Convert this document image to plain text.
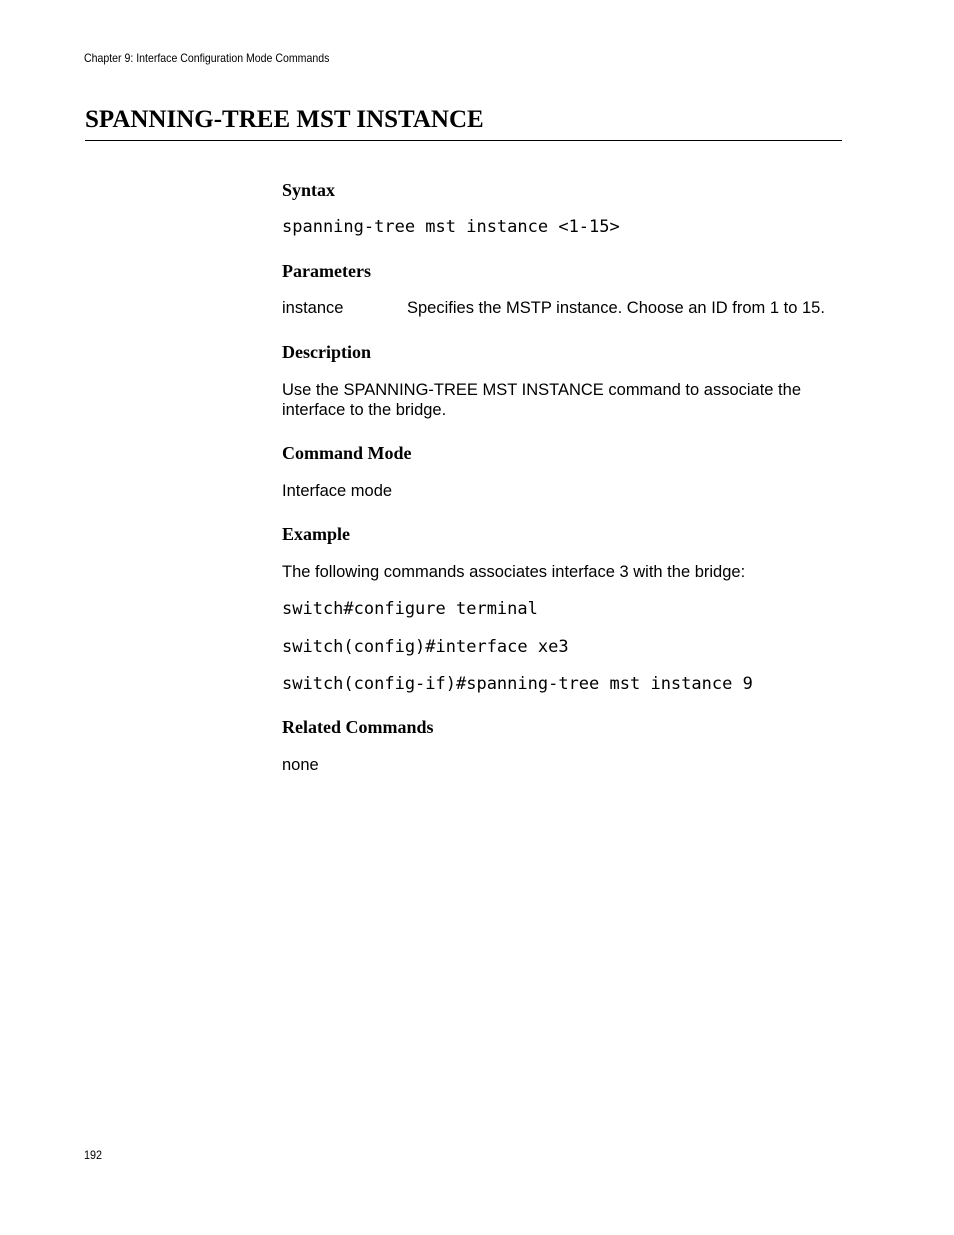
Chapter 9: Interface Configuration Mode Commands
SPANNING-TREE MST INSTANCE
Syntax
spanning-tree mst instance <1-15>
Parameters
instance	Specifies the MSTP instance. Choose an ID from 1 to 15.
Description

Use the SPANNING-TREE MST INSTANCE command to associate the interface to the bridge.

Command Mode

Interface mode

Example

The following commands associates interface 3 with the bridge:

switch#configure terminal
switch(config)#interface xe3
switch(config-if)#spanning-tree mst instance 9
Related Commands

none

192
